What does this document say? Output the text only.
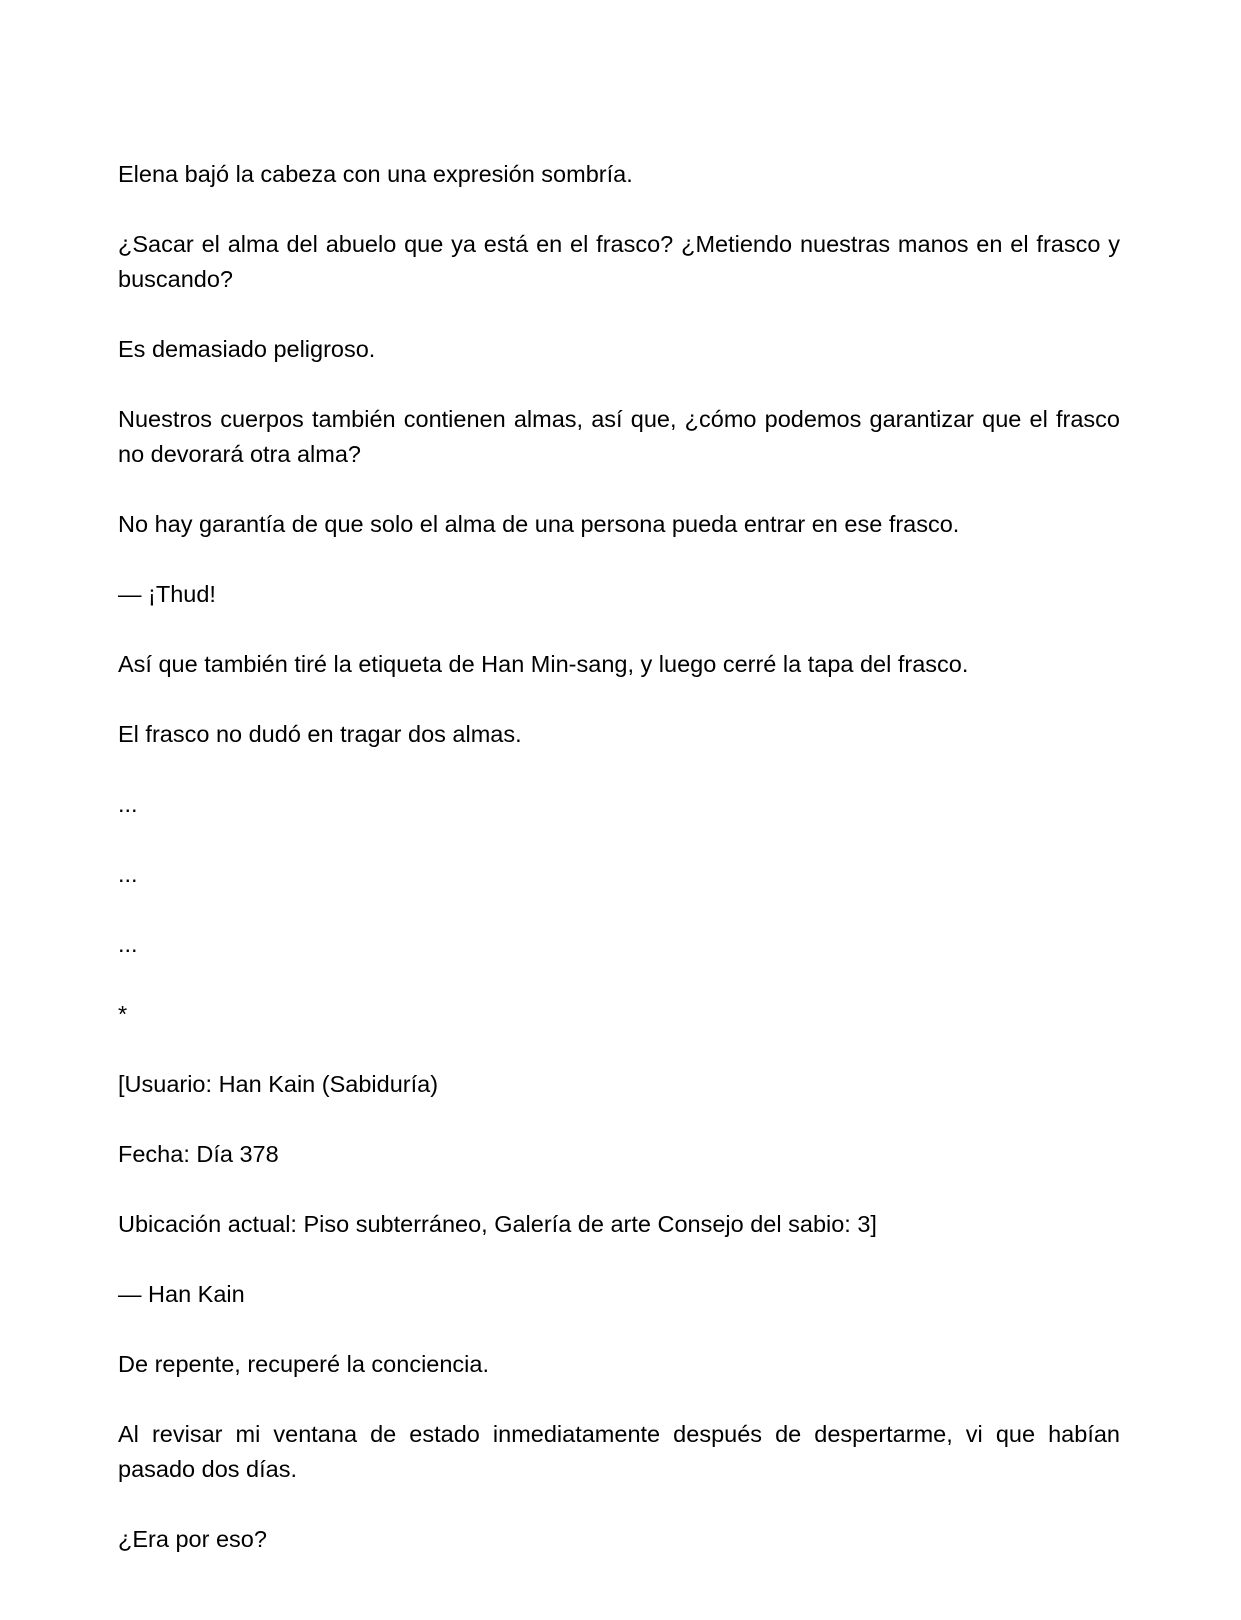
Elena bajó la cabeza con una expresión sombría.

¿Sacar el alma del abuelo que ya está en el frasco? ¿Metiendo nuestras manos en el frasco y buscando?

Es demasiado peligroso.

Nuestros cuerpos también contienen almas, así que, ¿cómo podemos garantizar que el frasco no devorará otra alma?

No hay garantía de que solo el alma de una persona pueda entrar en ese frasco.

— ¡Thud!

Así que también tiré la etiqueta de Han Min-sang, y luego cerré la tapa del frasco.

El frasco no dudó en tragar dos almas.

...

...

...

*

[Usuario: Han Kain (Sabiduría)

Fecha: Día 378

Ubicación actual: Piso subterráneo, Galería de arte Consejo del sabio: 3]

— Han Kain

De repente, recuperé la conciencia.

Al revisar mi ventana de estado inmediatamente después de despertarme, vi que habían pasado dos días.

¿Era por eso?
